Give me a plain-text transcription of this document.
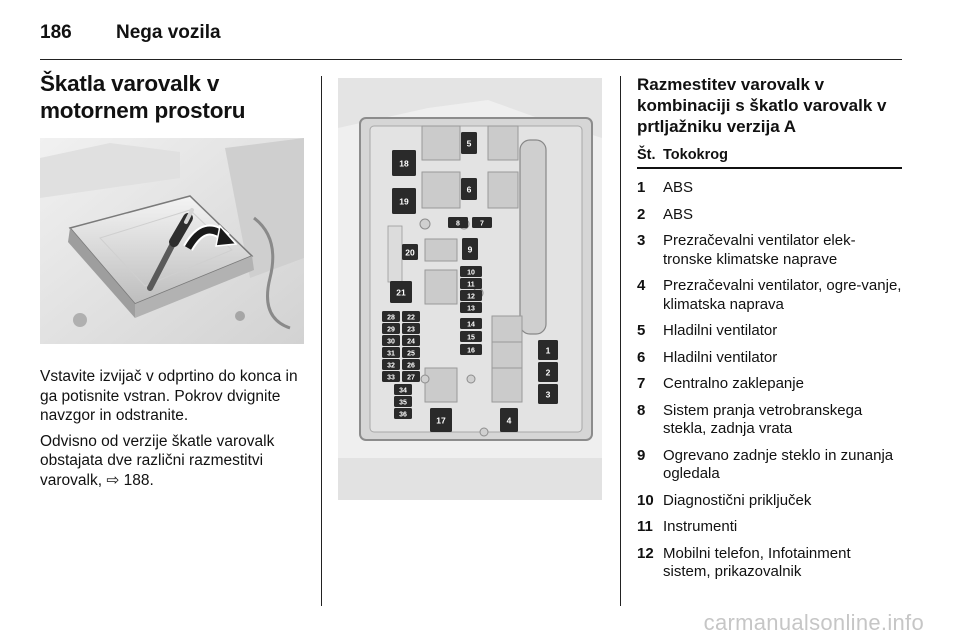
186	Nega vozila
Škatla varovalk v
motornem prostoru

Vstavite izvijač v odprtino do konca in ga potisnite vstran. Pokrov dvignite navzgor in odstranite.

Odvisno od verzije škatle varovalk obstajata dve različni razmestitvi varovalk, ⇨ 188.

5
6
18
19
8	7
9
20
10
11
21	12
13
28 22
29 23
30 24
14
15
16
31 25
32 26
33 27
34
35
36
1
2
3
17	4
Razmestitev varovalk v
kombinaciji s škatlo varovalk v
prtljažniku verzija A
Št. Tokokrog
1	ABS
2	ABS
3	Prezračevalni ventilator elek-tronske klimatske naprave
4	Prezračevalni ventilator, ogre-vanje, klimatska naprava
5	Hladilni ventilator
6	Hladilni ventilator
7	Centralno zaklepanje
8	Sistem pranja vetrobranskega stekla, zadnja vrata
9	Ogrevano zadnje steklo in zunanja ogledala
10 Diagnostični priključek
11 Instrumenti
12 Mobilni telefon, Infotainment sistem, prikazovalnik
carmanualsonline.info
